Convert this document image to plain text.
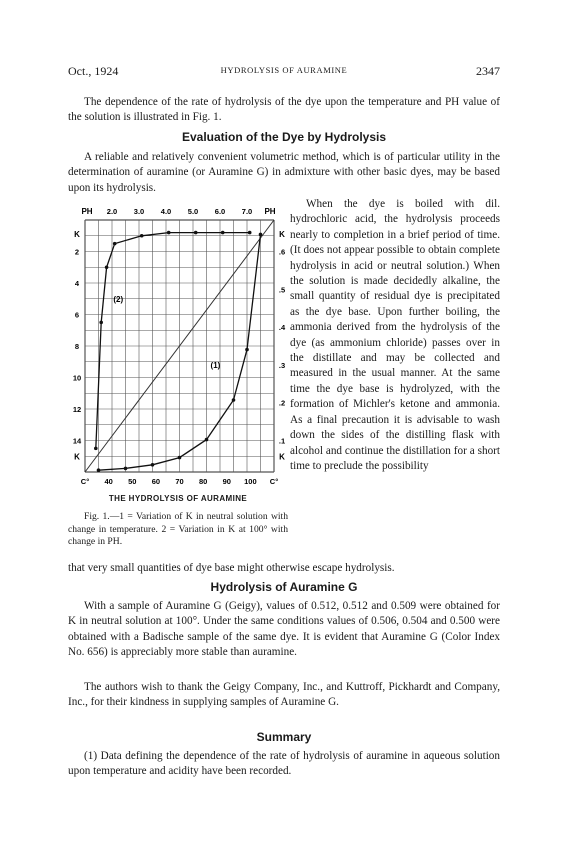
Oct., 1924	HYDROLYSIS OF AURAMINE	2347

The dependence of the rate of hydrolysis of the dye upon the temperature and PH value of the solution is illustrated in Fig. 1.

Evaluation of the Dye by Hydrolysis

A reliable and relatively convenient volumetric method, which is of particular utility in the determination of auramine (or Auramine G) in admixture with other basic dyes, may be based upon its hydrolysis.

When the dye is boiled with dil. hydrochloric acid, the hydrolysis proceeds nearly to completion in a brief period of time. (It does not appear possible to obtain complete hydrolysis in acid or neutral solution.) When the solution is made decidedly alkaline, the small quantity of residual dye is precipitated as the dye base. Upon further boiling, the ammonia derived from the hydrolysis of the dye (as ammonium chloride) passes over in the distillate and may be collected and measured in the usual manner. At the same time the dye base is hydrolyzed, with the formation of Michler's ketone and ammonia. As a final precaution it is advisable to wash down the sides of the distilling flask with alcohol and continue the distillation for a short time to preclude the possibility

PH 2.0 3.0 4.0 5.0 6.0 7.0 PH
C° 40 50 60 70 80 90 100 C°
K
2
4
6
8
10
12
14
K
K
.6
.5
.4
.3
.2
.1
K
(1)
(2)
THE HYDROLYSIS OF AURAMINE

Fig. 1.—1 = Variation of K in neutral solution with change in temperature. 2 = Variation in K at 100° with change in PH.

that very small quantities of dye base might otherwise escape hydrolysis.

Hydrolysis of Auramine G

With a sample of Auramine G (Geigy), values of 0.512, 0.512 and 0.509 were obtained for K in neutral solution at 100°. Under the same conditions values of 0.506, 0.504 and 0.500 were obtained with a Badische sample of the same dye. It is evident that Auramine G (Color Index No. 656) is appreciably more stable than auramine.

The authors wish to thank the Geigy Company, Inc., and Kuttroff, Pickhardt and Company, Inc., for their kindness in supplying samples of Auramine G.

Summary

(1) Data defining the dependence of the rate of hydrolysis of auramine in aqueous solution upon temperature and acidity have been recorded.
